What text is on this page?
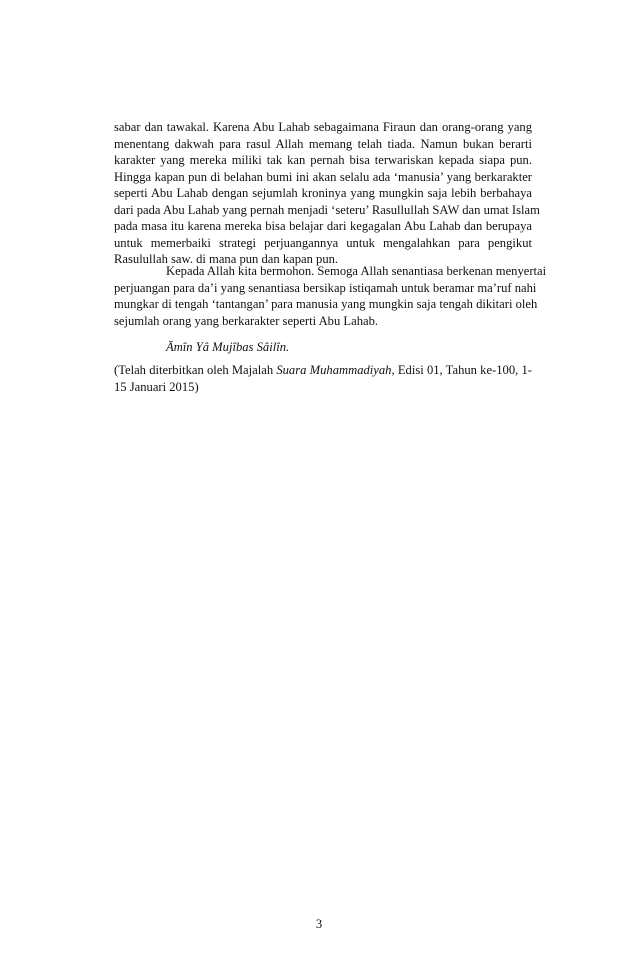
sabar dan tawakal. Karena Abu Lahab sebagaimana Firaun dan orang-orang yang
menentang dakwah para rasul Allah memang telah tiada. Namun bukan berarti
karakter yang mereka miliki tak kan pernah bisa terwariskan kepada siapa pun.
Hingga kapan pun di belahan bumi ini akan selalu ada ‘manusia’ yang berkarakter
seperti Abu Lahab dengan sejumlah kroninya yang mungkin saja lebih berbahaya
dari pada Abu Lahab yang pernah menjadi ‘seteru’ Rasullullah SAW dan umat Islam
pada masa itu karena mereka bisa belajar dari kegagalan Abu Lahab dan berupaya
untuk memerbaiki strategi perjuangannya untuk mengalahkan para pengikut
Rasulullah saw. di mana pun dan kapan pun.
Kepada Allah kita bermohon. Semoga Allah senantiasa berkenan menyertai
perjuangan para da’i yang senantiasa bersikap istiqamah untuk beramar ma’ruf nahi
mungkar di tengah ‘tantangan’ para manusia yang mungkin saja tengah dikitari oleh
sejumlah orang yang berkarakter seperti Abu Lahab.
Āmîn Yâ Mujîbas Sâilîn.
(Telah diterbitkan oleh Majalah Suara Muhammadiyah, Edisi 01, Tahun ke-100, 1-
15 Januari 2015)
3
